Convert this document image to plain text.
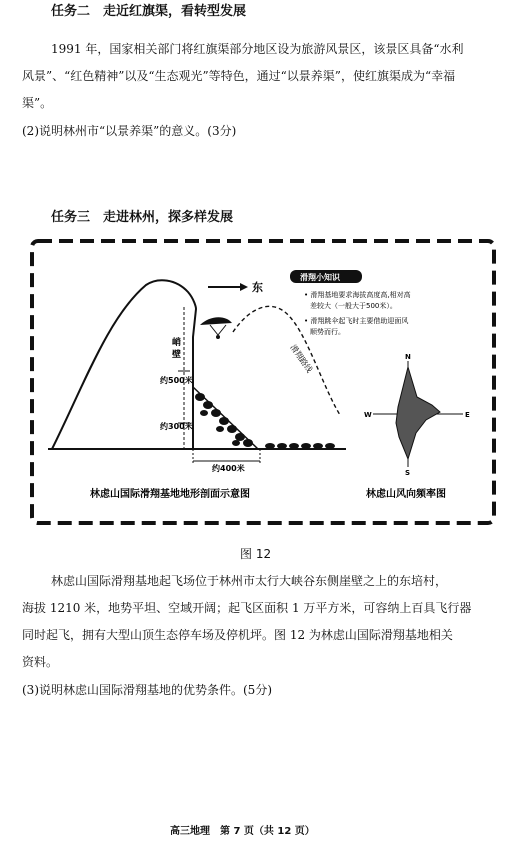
任务二　走近红旗渠，看转型发展
1991 年，国家相关部门将红旗渠部分地区设为旅游风景区，该景区具备“水利
风景”、“红色精神”以及“生态观光”等特色，通过“以景养渠”，使红旗渠成为“幸福
渠”。
(2)说明林州市“以景养渠”的意义。(3分)
任务三　走进林州，探多样发展
东
滑翔路线
峭
壁
约500米
约300米
约400米
滑翔小知识
• 滑翔基地要求海拔高度高,相对高
差较大（一般大于500米）。
• 滑翔跳伞起飞时主要借助迎面风
顺势而行。
N
S
E
W
林虑山国际滑翔基地地形剖面示意图	林虑山风向频率图
图 12
林虑山国际滑翔基地起飞场位于林州市太行大峡谷东侧崖壁之上的东培村，
海拔 1210 米，地势平坦、空域开阔；起飞区面积 1 万平方米，可容纳上百具飞行器
同时起飞，拥有大型山顶生态停车场及停机坪。图 12 为林虑山国际滑翔基地相关
资料。
(3)说明林虑山国际滑翔基地的优势条件。(5分)
高三地理　第 7 页（共 12 页）
